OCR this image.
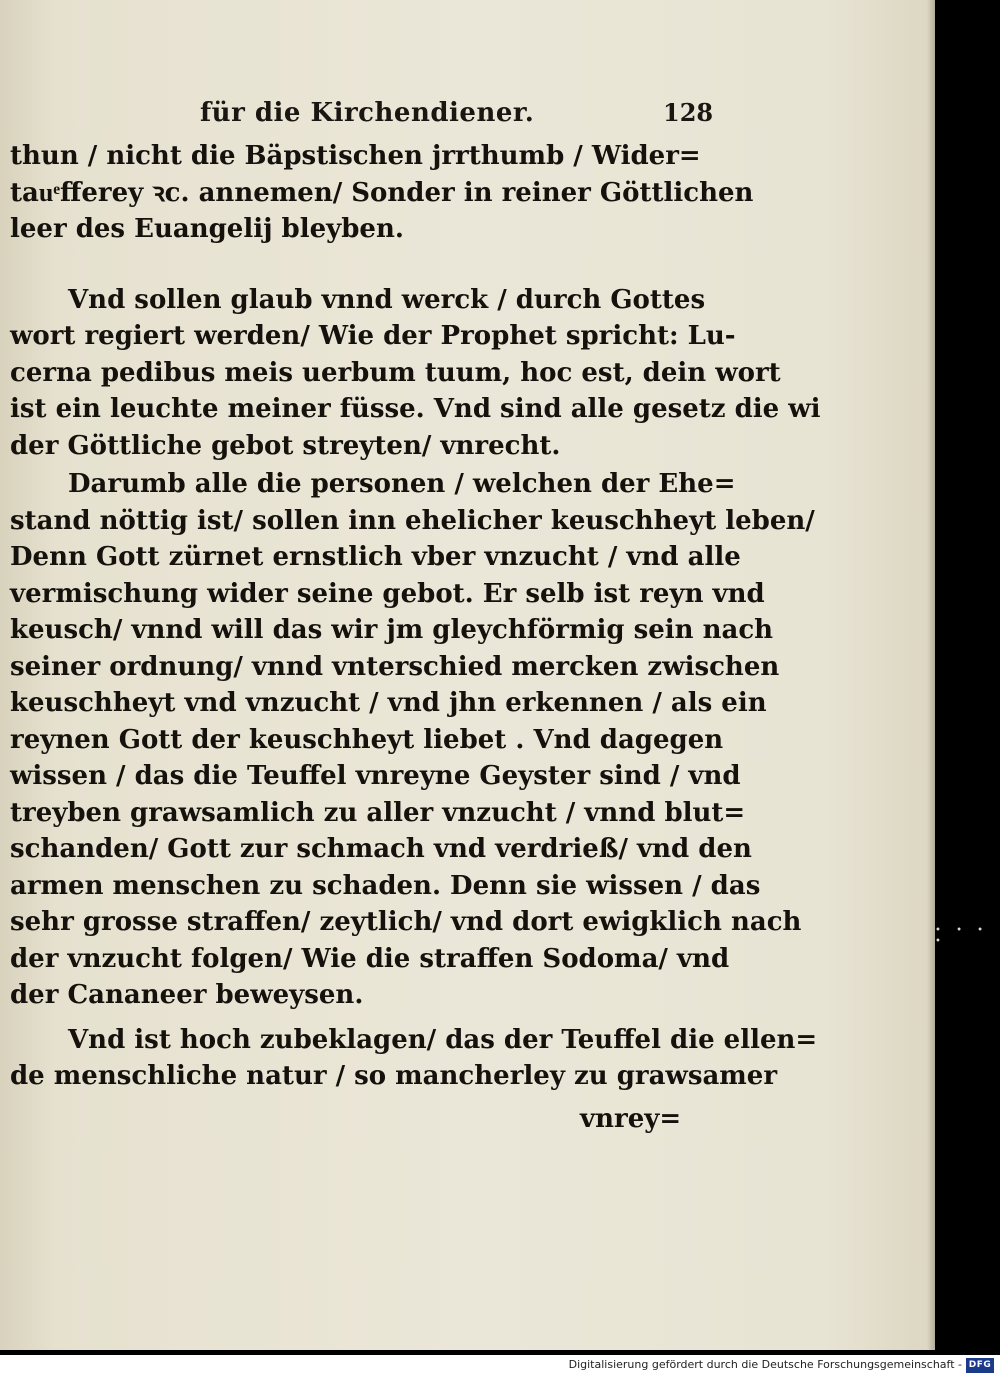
für die Kirchendiener.	128
thun / nicht die Bäpstischen jrrthumb / Wider=
tauͤfferey ꝛc. annemen/ Sonder in reiner Göttlichen
leer des Euangelij bleyben.
Vnd sollen glaub vnnd werck / durch Gottes
wort regiert werden/ Wie der Prophet spricht: Lu-
cerna pedibus meis uerbum tuum, hoc est, dein wort
ist ein leuchte meiner füsse. Vnd sind alle gesetz die wi
der Göttliche gebot streyten/ vnrecht.
Darumb alle die personen / welchen der Ehe=
stand nöttig ist/ sollen inn ehelicher keuschheyt leben/
Denn Gott zürnet ernstlich vber vnzucht / vnd alle
vermischung wider seine gebot. Er selb ist reyn vnd
keusch/ vnnd will das wir jm gleychförmig sein nach
seiner ordnung/ vnnd vnterschied mercken zwischen
keuschheyt vnd vnzucht / vnd jhn erkennen / als ein
reynen Gott der keuschheyt liebet . Vnd dagegen
wissen / das die Teuffel vnreyne Geyster sind / vnd
treyben grawsamlich zu aller vnzucht / vnnd blut=
schanden/ Gott zur schmach vnd verdrieß/ vnd den
armen menschen zu schaden. Denn sie wissen / das
sehr grosse straffen/ zeytlich/ vnd dort ewigklich nach
der vnzucht folgen/ Wie die straffen Sodoma/ vnd
der Cananeer beweysen.
Vnd ist hoch zubeklagen/ das der Teuffel die ellen=
de menschliche natur / so mancherley zu grawsamer
vnrey=
• • • •
Digitalisierung gefördert durch die Deutsche Forschungsgemeinschaft - DFG
